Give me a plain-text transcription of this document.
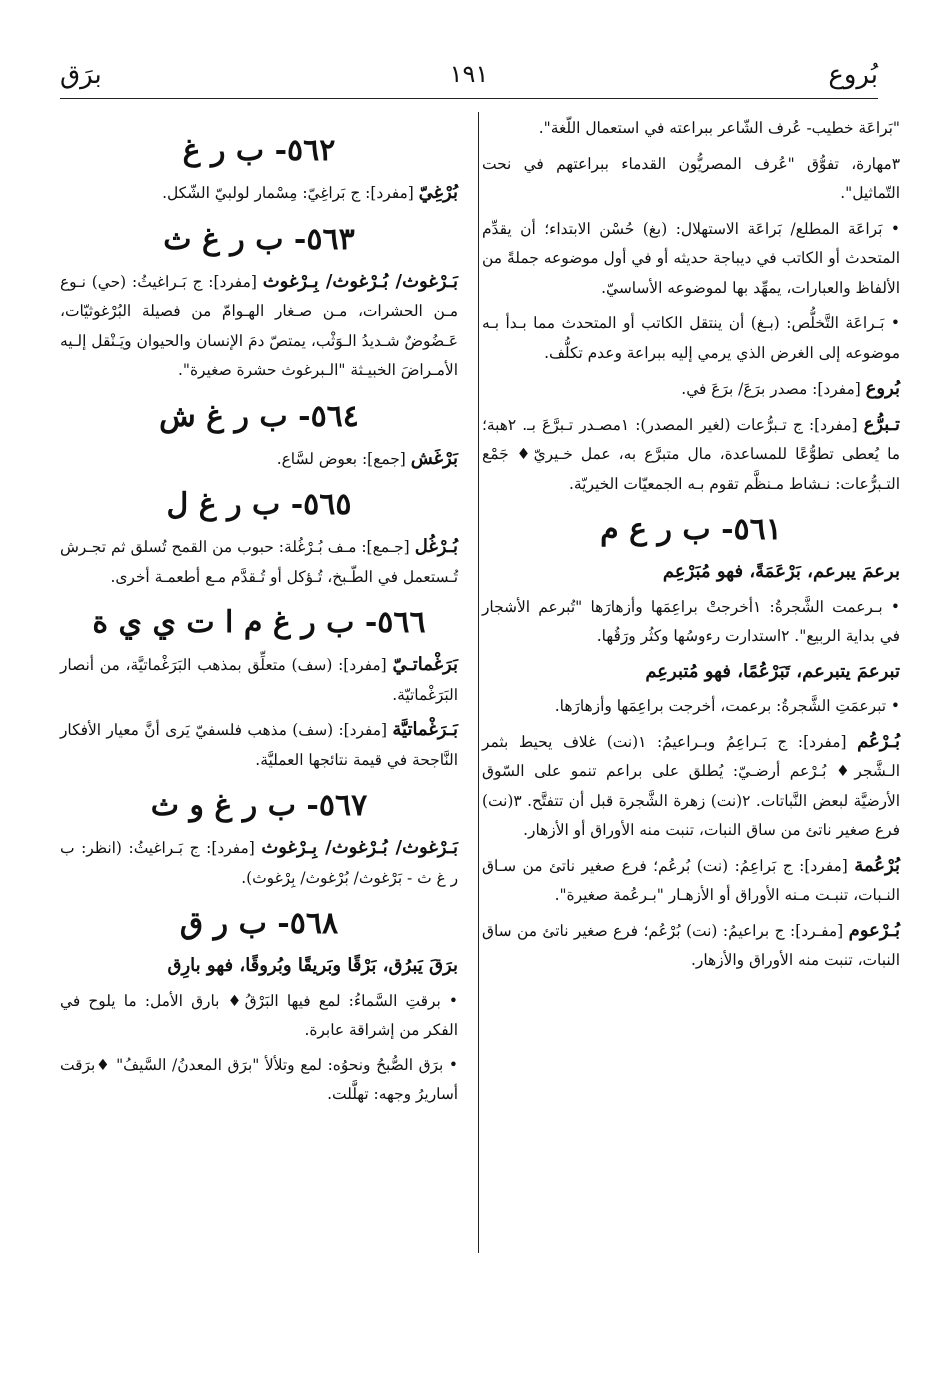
بُروع
١٩١
برَق

"بَراعَة خطيب- عُرف الشّاعر ببراعته في استعمال اللّغة".

٣مهارة، تفوُّق "عُرف المصريُّون القدماء ببراعتهم في نحت التّماثيل".

• بَراعَة المطلع/ بَراعَة الاستهلال: (بغ) حُسْن الابتداء؛ أن يقدِّم المتحدث أو الكاتب في ديباجة حديثه أو في أول موضوعه جملةً من الألفاظ والعبارات، يمهِّد بها لموضوعه الأساسيّ.

• بَـراعَة التَّخلُّص: (بـغ) أن ينتقل الكاتب أو المتحدث مما بـدأ بـه موضوعه إلى الغرض الذي يرمي إليه ببراعة وعدم تكلُّف.

بُروع [مفرد]: مصدر برَعَ/ برَعَ في.

تـبرُّع [مفرد]: ج تـبرُّعات (لغير المصدر): ١مصـدر تـبرَّعَ بـ. ٢هبة؛ ما يُعطى تطوُّعًا للمساعدة، مال متبرَّع به، عمل خـيريّ♦ جَمْع التـبرُّعات: نـشاط مـنظَّم تقوم بـه الجمعيّات الخيريّة.

٥٦١- ب ر ع م

برعمَ يبرعم، بَرْعَمَةً، فهو مُبَرْعِم

• بـرعمت الشَّجرةُ: ١أخرجتْ براعِمَها وأزهارَها "تُبرعم الأشجار في بداية الربيع". ٢استدارت رءوسُها وكثُر ورَقُها.

تبرعمَ يتبرعم، تَبَرْعُمًا، فهو مُتبرعِم

• تبرعمَتِ الشَّجرةُ: برعمت، أخرجت براعِمَها وأزهارَها.

بُـرْعُم [مفرد]: ج بَـراعِمُ وبـراعيمُ: ١(نت) غلاف يحيط بثمر الـشَّجر♦ بُـرْعم أرضـيّ: يُطلق على براعم تنمو على السّوق الأرضيَّة لبعض النَّباتات. ٢(نت) زهرة الشَّجرة قبل أن تتفتَّح. ٣(نت) فرع صغير ناتئ من ساق النبات، تنبت منه الأوراق أو الأزهار.

بُرْعُمة [مفرد]: ج بَراعِمُ: (نت) بُرعُم؛ فرع صغير ناتئ من سـاق النـبات، تنبـت مـنه الأوراق أو الأزهـار "بـرعُمة صغيرة".

بُـرْعوم [مفـرد]: ج براعيمُ: (نت) بُرْعُم؛ فرع صغير ناتئ من ساق النبات، تنبت منه الأوراق والأزهار.

٥٦٢- ب ر غ

بُرْغِيّ [مفرد]: ج بَراغِيّ: مِسْمار لولبيّ الشّكل.

٥٦٣- ب ر غ ث

بَـرْغوث/ بُـرْغوث/ بِـرْغوث [مفرد]: ج بَـراغيثُ: (حي) نـوع مـن الحشرات، مـن صـغار الهـوامّ من فصيلة البُرْغوثيّات، عَـضُوضٌ شـديدُ الـوَثْب، يمتصّ دمَ الإنسان والحيوان ويَـنْقل إلـيه الأمـراضَ الخبيـثة "الـبرغوث حشرة صغيرة".

٥٦٤- ب ر غ ش

بَرْغَش [جمع]: بعوض لسَّاع.

٥٦٥- ب ر غ ل

بُـرْغُل [جـمع]: مـف بُـرْغُلة: حبوب من القمح تُسلق ثم تجـرش تُـستعمل في الطّـبخ، تُـؤكل أو تُـقدَّم مـع أطعمـة أخرى.

٥٦٦- ب ر غ م ا ت ي ي ة

بَرَغْماتـيّ [مفرد]: (سف) متعلِّق بمذهب البَرَغْماتيَّة، من أنصار البَرَغْماتيّة.

بَـرَغْماتيَّة [مفرد]: (سف) مذهب فلسفيّ يَرى أنَّ معيار الأفكار النَّاجحة في قيمة نتائجها العمليَّة.

٥٦٧- ب ر غ و ث

بَـرْغوث/ بُـرْغوث/ بِـرْغوث [مفرد]: ج بَـراغيثُ: (انظر: ب ر غ ث - بَرْغوث/ بُرْغوث/ بِرْغوث).

٥٦٨- ب ر ق

برَقَ يَبرُق، بَرْقًا وبَريقًا وبُروقًا، فهو بارِق

• برقتِ السَّماءُ: لمع فيها البَرْقُ♦ بارق الأمل: ما يلوح في الفكر من إشراقة عابرة.

• برَق الصُّبحُ ونحوُه: لمع وتلألأ "برَق المعدنُ/ السَّيفُ" ♦برَقت أساريرُ وجهه: تهلَّلت.
